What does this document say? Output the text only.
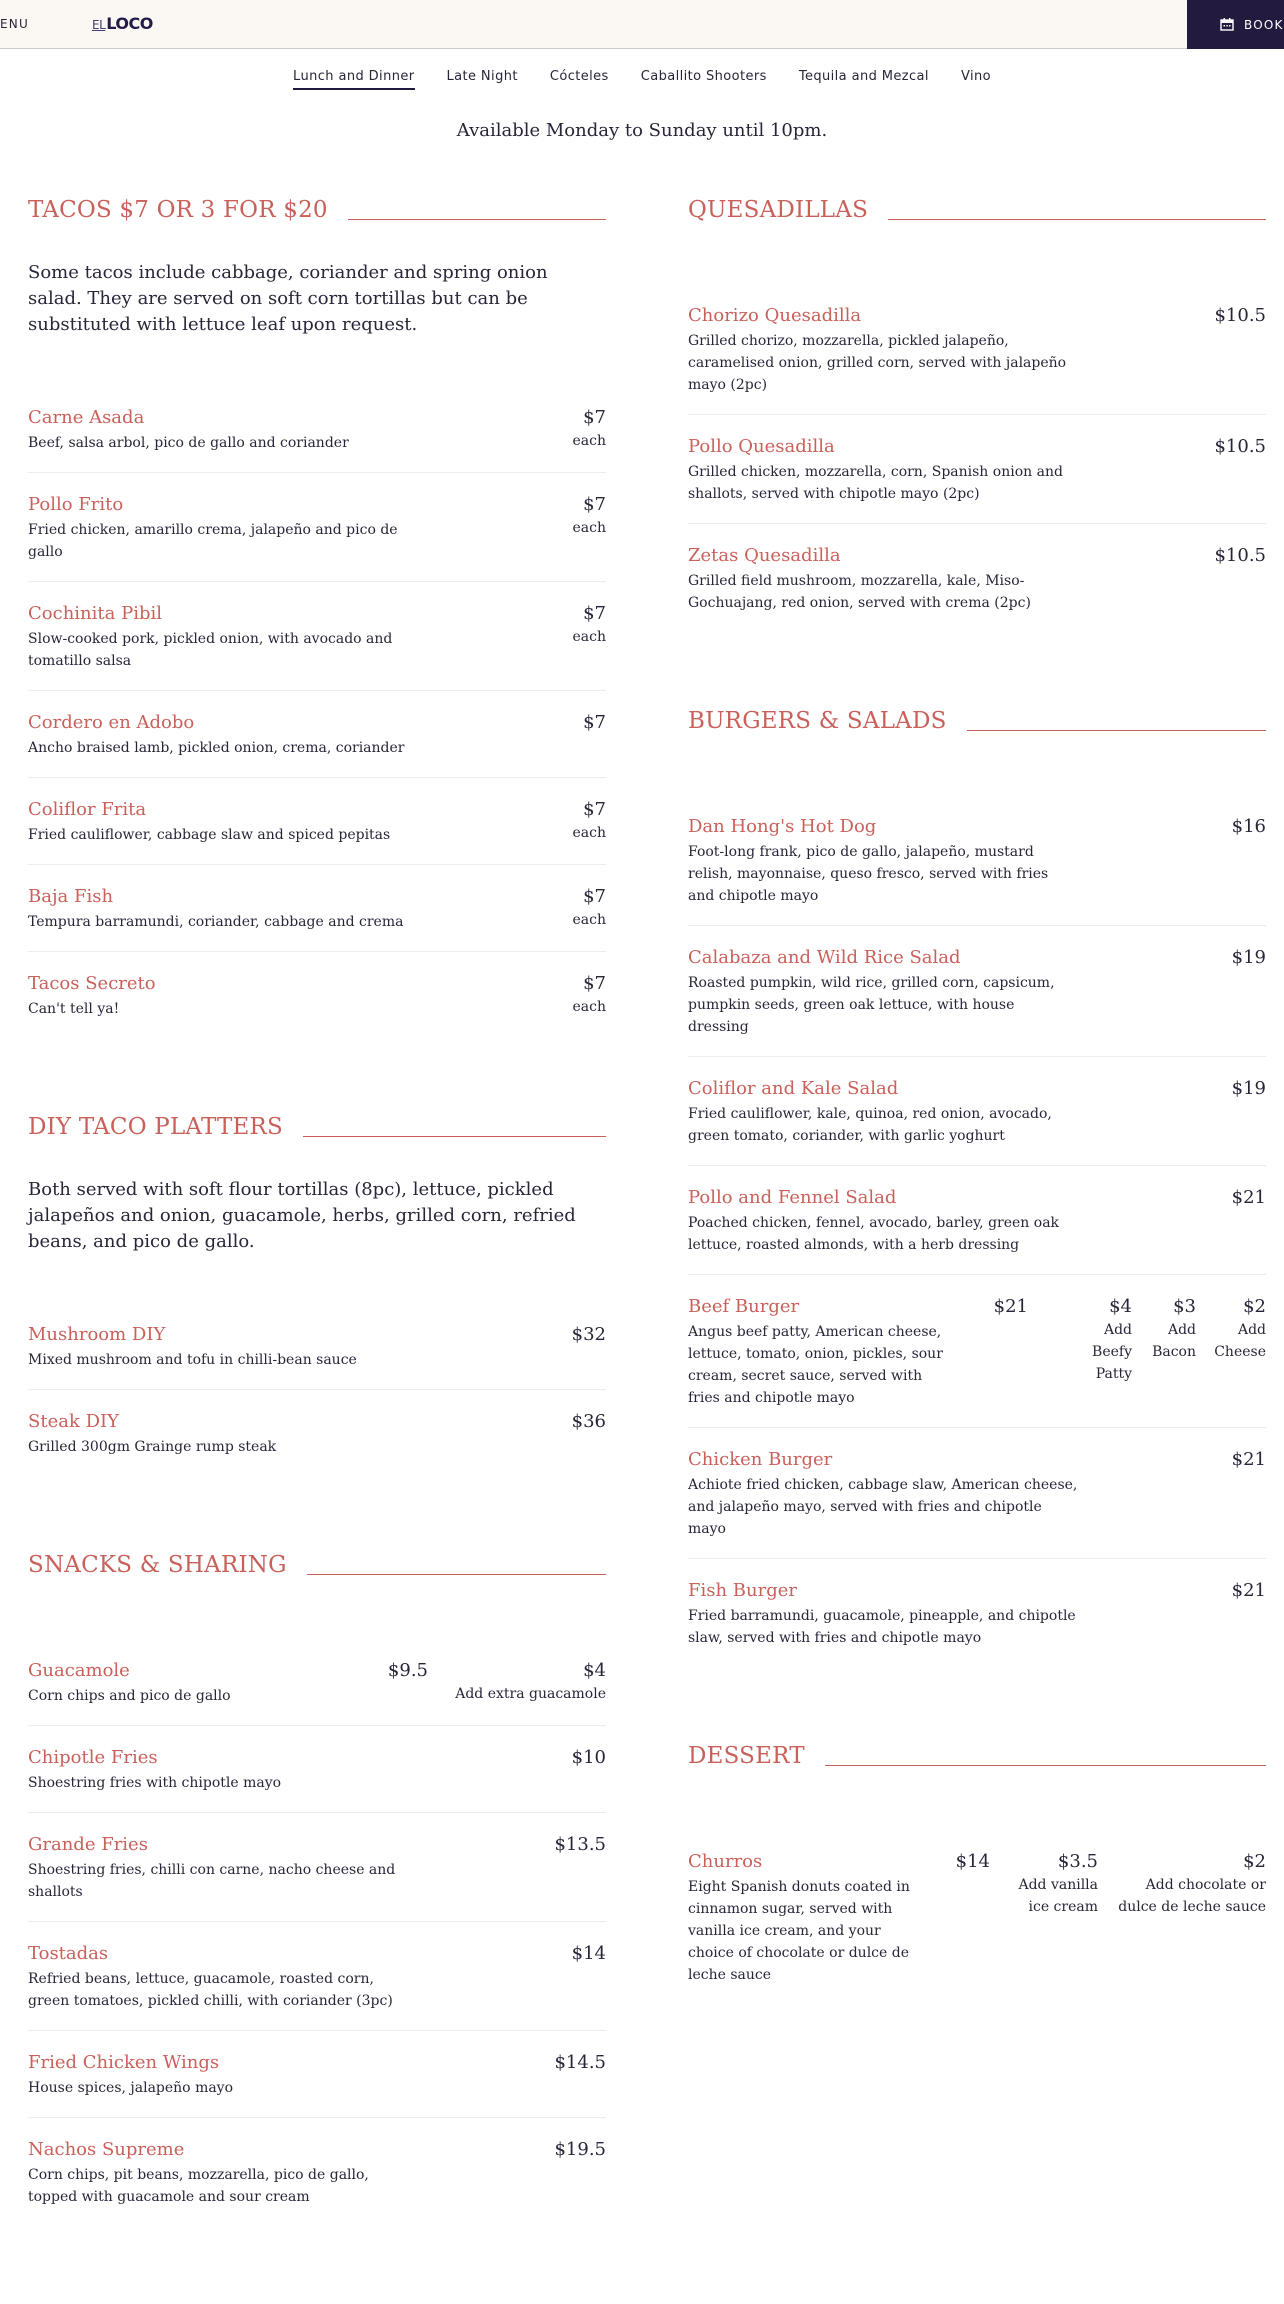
ENU	EL LOCO	BOOK
Lunch and Dinner Late Night Cócteles Caballito Shooters Tequila and Mezcal Vino

Available Monday to Sunday until 10pm.

TACOS $7 OR 3 FOR $20

Some tacos include cabbage, coriander and spring onion salad. They are served on soft corn tortillas but can be substituted with lettuce leaf upon request.

Carne Asada
Beef, salsa arbol, pico de gallo and coriander
$7
each
Pollo Frito
Fried chicken, amarillo crema, jalapeño and pico de gallo
$7
each
Cochinita Pibil
Slow-cooked pork, pickled onion, with avocado and tomatillo salsa
$7
each
Cordero en Adobo
Ancho braised lamb, pickled onion, crema, coriander
$7
Coliflor Frita
Fried cauliflower, cabbage slaw and spiced pepitas
$7
each
Baja Fish
Tempura barramundi, coriander, cabbage and crema
$7
each
Tacos Secreto
Can't tell ya!
$7
each
DIY TACO PLATTERS

Both served with soft flour tortillas (8pc), lettuce, pickled jalapeños and onion, guacamole, herbs, grilled corn, refried beans, and pico de gallo.

Mushroom DIY
Mixed mushroom and tofu in chilli-bean sauce
$32
Steak DIY
Grilled 300gm Grainge rump steak
$36
SNACKS & SHARING
Guacamole
Corn chips and pico de gallo
$9.5	$4
Add extra guacamole
Chipotle Fries
Shoestring fries with chipotle mayo
$10
Grande Fries
Shoestring fries, chilli con carne, nacho cheese and shallots
$13.5
Tostadas
Refried beans, lettuce, guacamole, roasted corn, green tomatoes, pickled chilli, with coriander (3pc)
$14
Fried Chicken Wings
House spices, jalapeño mayo
$14.5
Nachos Supreme
Corn chips, pit beans, mozzarella, pico de gallo, topped with guacamole and sour cream
$19.5
QUESADILLAS
Chorizo Quesadilla
Grilled chorizo, mozzarella, pickled jalapeño, caramelised onion, grilled corn, served with jalapeño mayo (2pc)
$10.5
Pollo Quesadilla
Grilled chicken, mozzarella, corn, Spanish onion and shallots, served with chipotle mayo (2pc)
$10.5
Zetas Quesadilla
Grilled field mushroom, mozzarella, kale, Miso-Gochuajang, red onion, served with crema (2pc)
$10.5
BURGERS & SALADS
Dan Hong's Hot Dog
Foot-long frank, pico de gallo, jalapeño, mustard relish, mayonnaise, queso fresco, served with fries and chipotle mayo
$16
Calabaza and Wild Rice Salad
Roasted pumpkin, wild rice, grilled corn, capsicum, pumpkin seeds, green oak lettuce, with house dressing
$19
Coliflor and Kale Salad
Fried cauliflower, kale, quinoa, red onion, avocado, green tomato, coriander, with garlic yoghurt
$19
Pollo and Fennel Salad
Poached chicken, fennel, avocado, barley, green oak lettuce, roasted almonds, with a herb dressing
$21
Beef Burger
Angus beef patty, American cheese, lettuce, tomato, onion, pickles, sour cream, secret sauce, served with fries and chipotle mayo
$21	$4
Add Beefy Patty
$3
Add Bacon
$2
Add Cheese
Chicken Burger
Achiote fried chicken, cabbage slaw, American cheese, and jalapeño mayo, served with fries and chipotle mayo
$21
Fish Burger
Fried barramundi, guacamole, pineapple, and chipotle slaw, served with fries and chipotle mayo
$21
DESSERT
Churros
Eight Spanish donuts coated in cinnamon sugar, served with vanilla ice cream, and your choice of chocolate or dulce de leche sauce
$14	$3.5
Add vanilla ice cream
$2
Add chocolate or dulce de leche sauce
